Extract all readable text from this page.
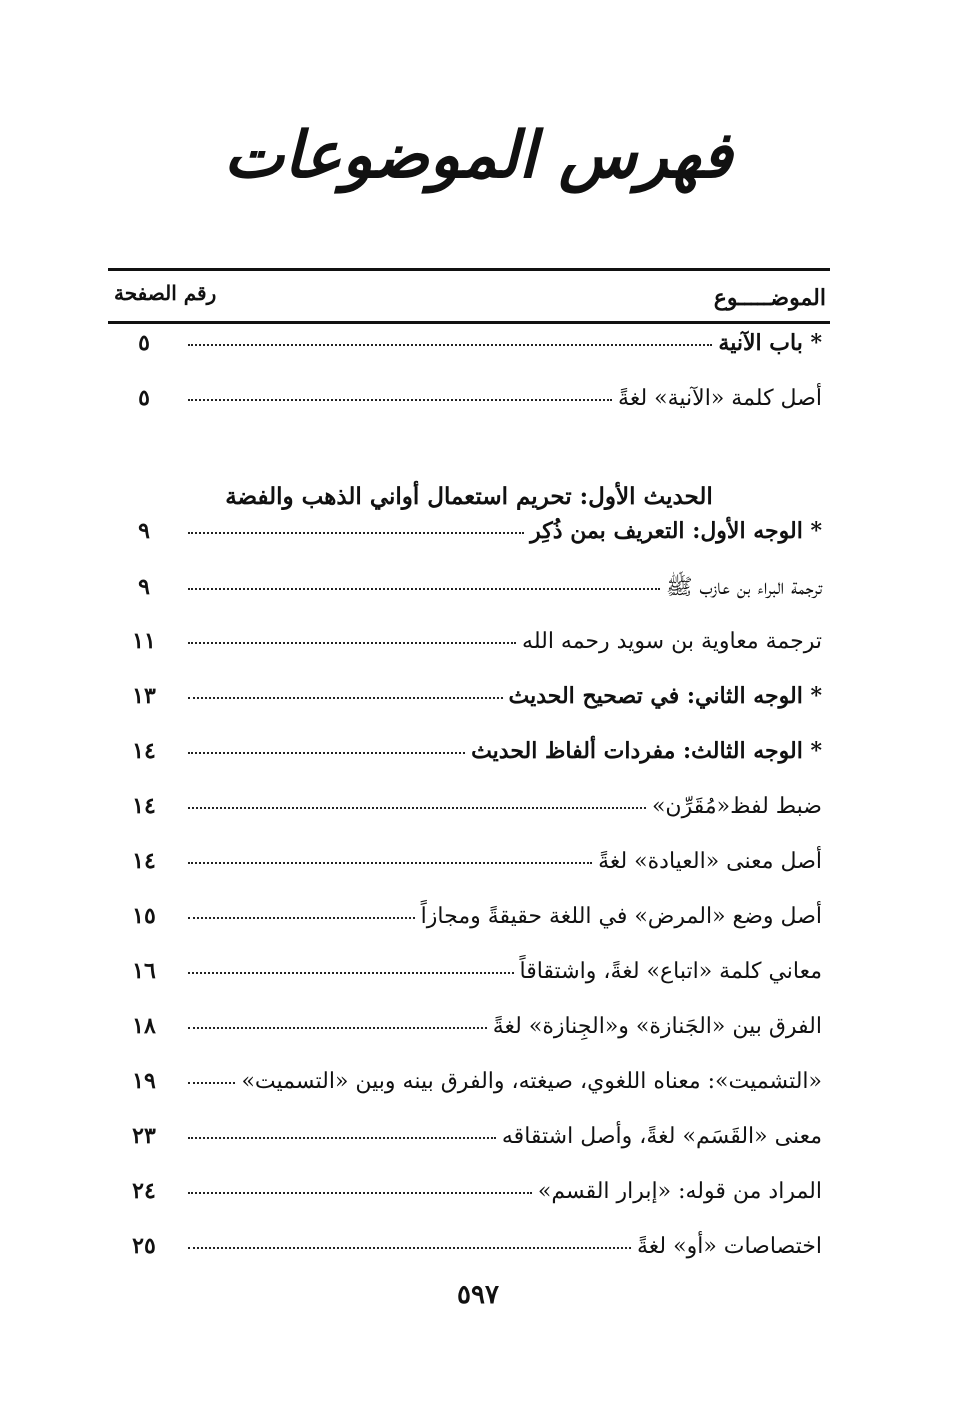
فهرس الموضوعات
الموضـــــوع
رقم الصفحة
* باب الآنية
٥
أصل كلمة «الآنية» لغةً
٥
الحديث الأول: تحريم استعمال أواني الذهب والفضة
* الوجه الأول: التعريف بمن ذُكِر
٩
ترجمة البراء بن عازب ﷺ
٩
ترجمة معاوية بن سويد رحمه الله
١١
* الوجه الثاني: في تصحيح الحديث
١٣
* الوجه الثالث: مفردات ألفاظ الحديث
١٤
ضبط لفظ«مُقَرِّن»
١٤
أصل معنى «العيادة» لغةً
١٤
أصل وضع «المرض» في اللغة حقيقةً ومجازاً
١٥
معاني كلمة «اتباع» لغةً، واشتقاقاً
١٦
الفرق بين «الجَنازة» و«الجِنازة» لغةً
١٨
«التشميت»: معناه اللغوي، صيغته، والفرق بينه وبين «التسميت»
١٩
معنى «القَسَم» لغةً، وأصل اشتقاقه
٢٣
المراد من قوله: «إبرار القسم»
٢٤
اختصاصات «أو» لغةً
٢٥
٥٩٧
